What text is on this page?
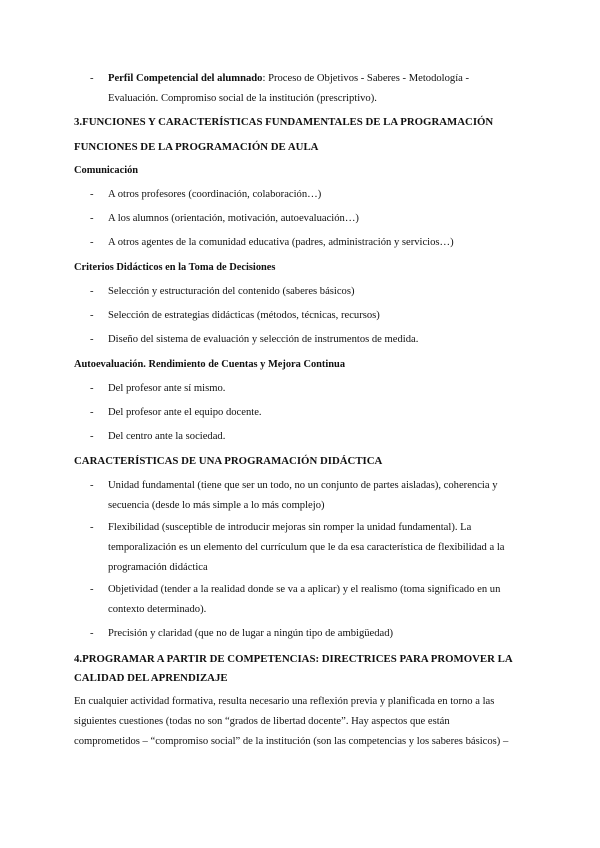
- Perfil Competencial del alumnado: Proceso de Objetivos - Saberes - Metodología -
Evaluación. Compromiso social de la institución (prescriptivo).
3.FUNCIONES Y CARACTERÍSTICAS FUNDAMENTALES DE LA PROGRAMACIÓN
FUNCIONES DE LA PROGRAMACIÓN DE AULA
Comunicación
- A otros profesores (coordinación, colaboración…)
- A los alumnos (orientación, motivación, autoevaluación…)
- A otros agentes de la comunidad educativa (padres, administración y servicios…)
Criterios Didácticos en la Toma de Decisiones
- Selección y estructuración del contenido (saberes básicos)
- Selección de estrategias didácticas (métodos, técnicas, recursos)
- Diseño del sistema de evaluación y selección de instrumentos de medida.
Autoevaluación. Rendimiento de Cuentas y Mejora Continua
- Del profesor ante sí mismo.
- Del profesor ante el equipo docente.
- Del centro ante la sociedad.
CARACTERÍSTICAS DE UNA PROGRAMACIÓN DIDÁCTICA
- Unidad fundamental (tiene que ser un todo, no un conjunto de partes aisladas), coherencia y
secuencia (desde lo más simple a lo más complejo)
- Flexibilidad (susceptible de introducir mejoras sin romper la unidad fundamental). La
temporalización es un elemento del currículum que le da esa característica de flexibilidad a la
programación didáctica
- Objetividad (tender a la realidad donde se va a aplicar) y el realismo (toma significado en un
contexto determinado).
- Precisión y claridad (que no de lugar a ningún tipo de ambigüedad)
4.PROGRAMAR A PARTIR DE COMPETENCIAS: DIRECTRICES PARA PROMOVER LA
CALIDAD DEL APRENDIZAJE
En cualquier actividad formativa, resulta necesario una reflexión previa y planificada en torno a las
siguientes cuestiones (todas no son “grados de libertad docente”. Hay aspectos que están
comprometidos – “compromiso social” de la institución (son las competencias y los saberes básicos) –
